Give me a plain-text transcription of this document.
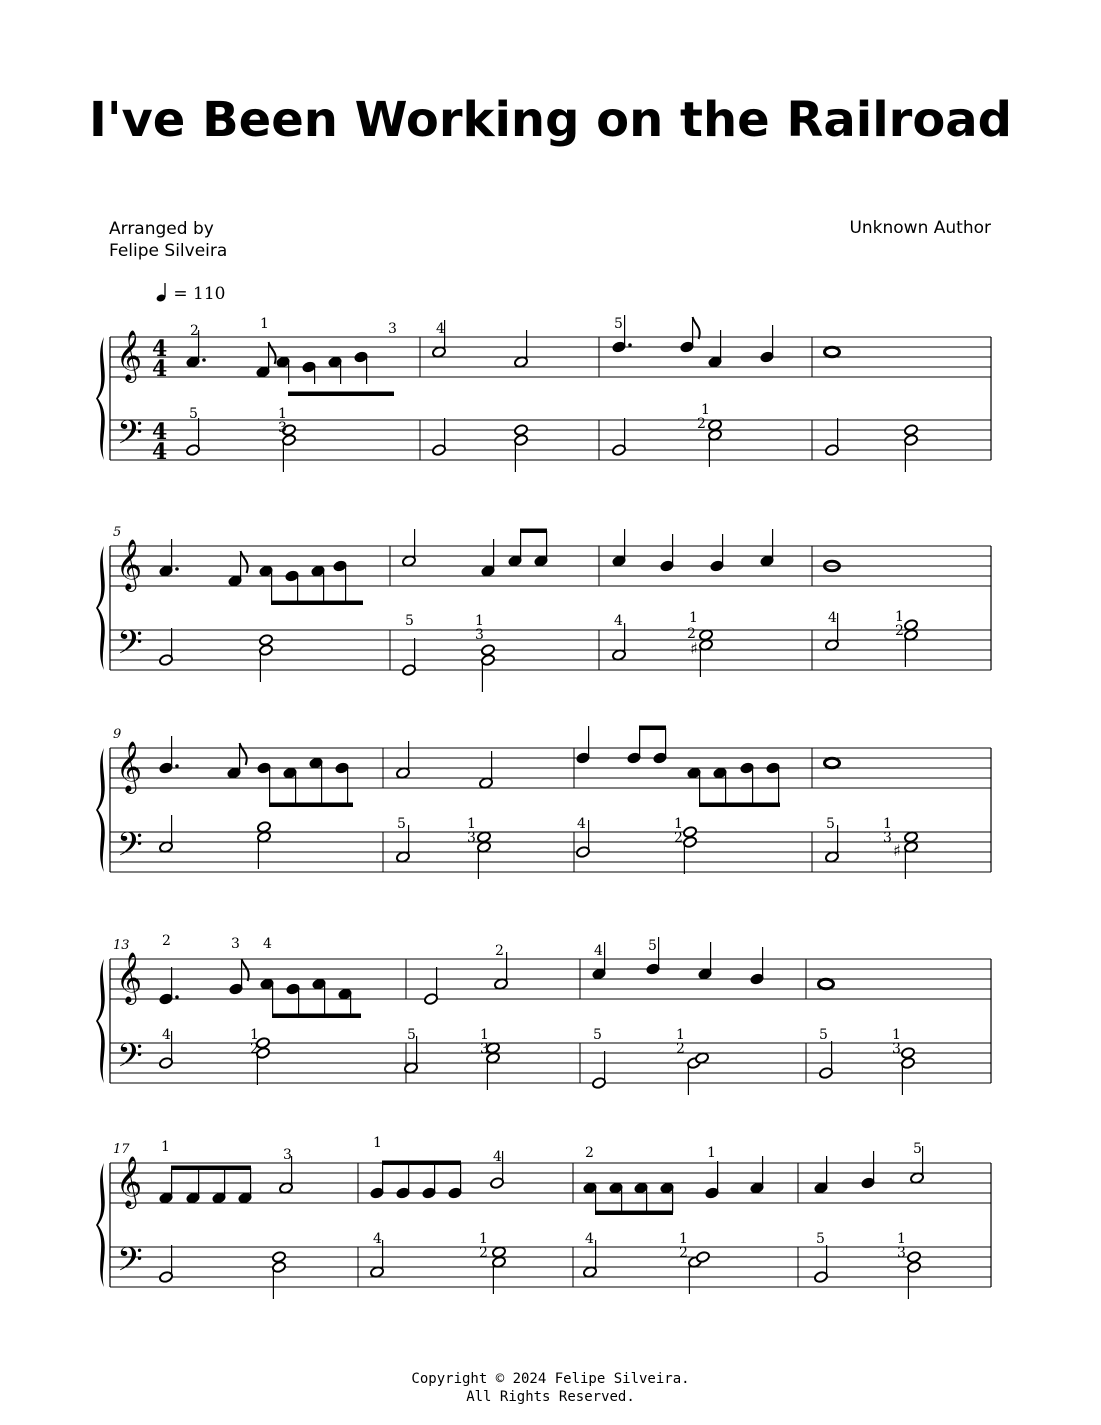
I've Been Working on the Railroad
Arranged by
Felipe Silveira
Unknown Author
= 110
𝄞
𝄢
𝄞
𝄢
5
𝄞
𝄢
9
𝄞
𝄢
13
𝄞
𝄢
17
4
4
4
4
2	1	3	4	5
5	1
3
1
2
♯
5	1
3
4	1
2
4	1
2
♯
5	1
3
4	1
2
5	1
3
2	3 4	2	4	5
4	1
2
5	1
3
5	1
2
5	1
3
1	3
1
4	2	1	5
4	1
2
4	1
2
5	1
3
Copyright © 2024 Felipe Silveira.
All Rights Reserved.
